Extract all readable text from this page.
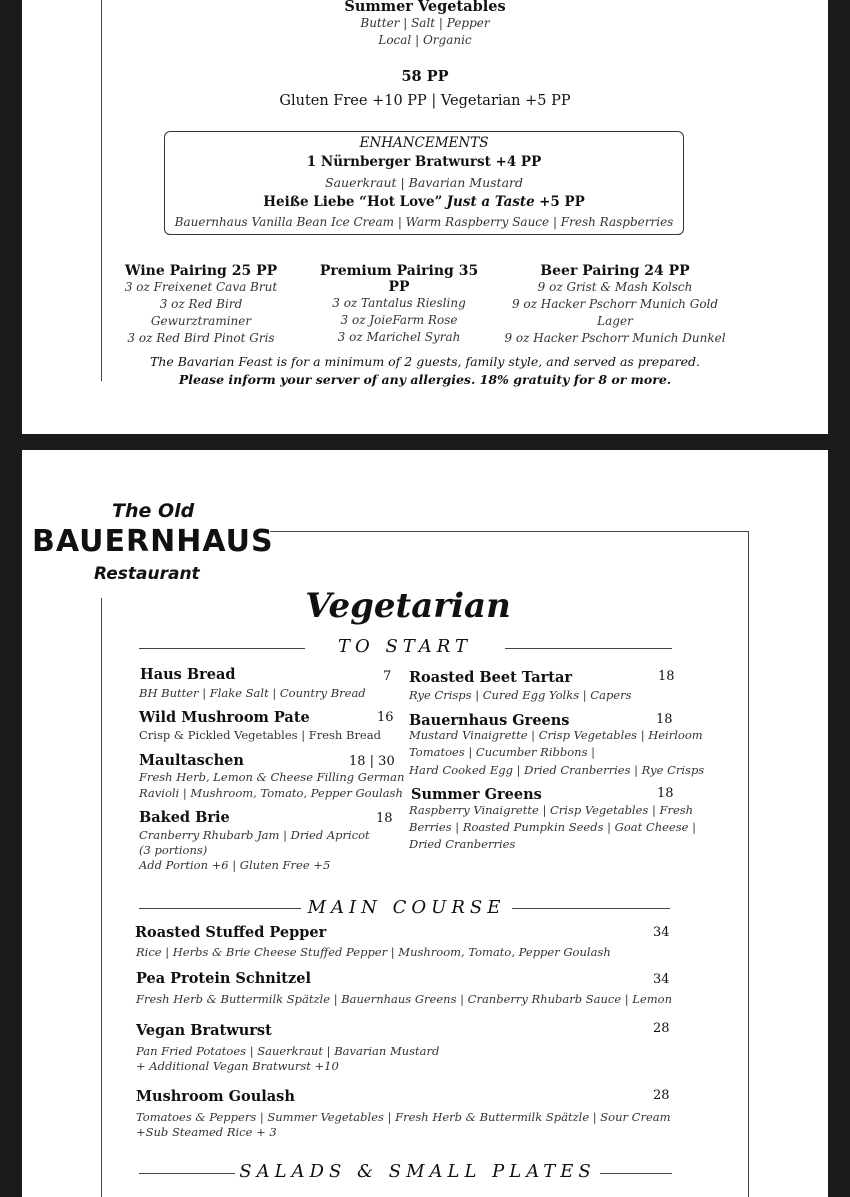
Summer Vegetables
Butter | Salt | Pepper
Local | Organic
58 PP
Gluten Free +10 PP | Vegetarian +5 PP
ENHANCEMENTS
1 Nürnberger Bratwurst +4 PP
Sauerkraut | Bavarian Mustard
Heiße Liebe “Hot Love” Just a Taste +5 PP
Bauernhaus Vanilla Bean Ice Cream | Warm Raspberry Sauce | Fresh Raspberries
Wine Pairing 25 PP
3 oz Freixenet Cava Brut
3 oz Red Bird Gewurztraminer
3 oz Red Bird Pinot Gris
Premium Pairing 35 PP
3 oz Tantalus Riesling
3 oz JoieFarm Rose
3 oz Marichel Syrah
Beer Pairing 24 PP
9 oz Grist & Mash Kolsch
9 oz Hacker Pschorr Munich Gold Lager
9 oz Hacker Pschorr Munich Dunkel
The Bavarian Feast is for a minimum of 2 guests, family style, and served as prepared.
Please inform your server of any allergies. 18% gratuity for 8 or more.
The Old
BAUERNHAUS
Restaurant
Vegetarian
TO START
Haus Bread	7
BH Butter | Flake Salt | Country Bread
Wild Mushroom Pate	16
Crisp & Pickled Vegetables | Fresh Bread
Maultaschen	18 | 30
Fresh Herb, Lemon & Cheese Filling German
Ravioli | Mushroom, Tomato, Pepper Goulash
Baked Brie	18
Cranberry Rhubarb Jam | Dried Apricot
(3 portions)
Add Portion +6 | Gluten Free +5
Roasted Beet Tartar	18
Rye Crisps | Cured Egg Yolks | Capers
Bauernhaus Greens	18
Mustard Vinaigrette | Crisp Vegetables | Heirloom
Tomatoes | Cucumber Ribbons |
Hard Cooked Egg | Dried Cranberries | Rye Crisps
Summer Greens	18
Raspberry Vinaigrette | Crisp Vegetables | Fresh
Berries | Roasted Pumpkin Seeds | Goat Cheese |
Dried Cranberries
MAIN COURSE
Roasted Stuffed Pepper	34
Rice | Herbs & Brie Cheese Stuffed Pepper | Mushroom, Tomato, Pepper Goulash
Pea Protein Schnitzel	34
Fresh Herb & Buttermilk Spätzle | Bauernhaus Greens | Cranberry Rhubarb Sauce | Lemon
Vegan Bratwurst	28
Pan Fried Potatoes | Sauerkraut | Bavarian Mustard
+ Additional Vegan Bratwurst +10
Mushroom Goulash	28
Tomatoes & Peppers | Summer Vegetables | Fresh Herb & Buttermilk Spätzle | Sour Cream
+Sub Steamed Rice + 3
SALADS & SMALL PLATES
